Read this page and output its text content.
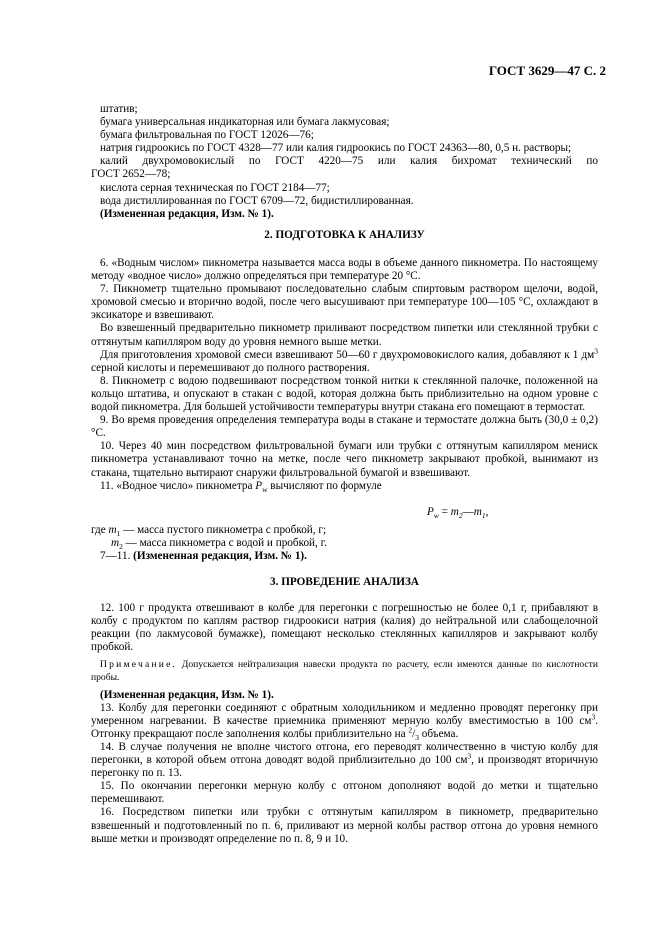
ГОСТ 3629—47 С. 2

штатив;

бумага универсальная индикаторная или бумага лакмусовая;

бумага фильтровальная по ГОСТ 12026—76;

натрия гидроокись по ГОСТ 4328—77 или калия гидроокись по ГОСТ 24363—80, 0,5 н. растворы;

калий двухромовокислый по ГОСТ 4220—75 или калия бихромат технический по

ГОСТ 2652—78;

кислота серная техническая по ГОСТ 2184—77;

вода дистиллированная по ГОСТ 6709—72, бидистиллированная.

(Измененная редакция, Изм. № 1).

2. ПОДГОТОВКА К АНАЛИЗУ

6. «Водным числом» пикнометра называется масса воды в объеме данного пикнометра. По настоящему методу «водное число» должно определяться при температуре 20 °С.

7. Пикнометр тщательно промывают последовательно слабым спиртовым раствором щелочи, водой, хромовой смесью и вторично водой, после чего высушивают при температуре 100—105 °С, охлаждают в эксикаторе и взвешивают.

Во взвешенный предварительно пикнометр приливают посредством пипетки или стеклянной трубки с оттянутым капилляром воду до уровня немного выше метки.

Для приготовления хромовой смеси взвешивают 50—60 г двухромовокислого калия, добавляют к 1 $дм^3$ серной кислоты и перемешивают до полного растворения.

8. Пикнометр с водою подвешивают посредством тонкой нитки к стеклянной палочке, положенной на кольцо штатива, и опускают в стакан с водой, которая должна быть приблизительно на одном уровне с водой пикнометра. Для большей устойчивости температуры внутри стакана его помещают в термостат.

9. Во время проведения определения температура воды в стакане и термостате должна быть (30,0 ± 0,2) °С.

10. Через 40 мин посредством фильтровальной бумаги или трубки с оттянутым капилляром мениск пикнометра устанавливают точно на метке, после чего пикнометр закрывают пробкой, вынимают из стакана, тщательно вытирают снаружи фильтровальной бумагой и взвешивают.

11. «Водное число» пикнометра $P_w$ вычисляют по формуле

$P_w$ = $m_2—m_1$,

где $m_1$ — масса пустого пикнометра с пробкой, г;

$m_2$ — масса пикнометра с водой и пробкой, г.

7—11. (Измененная редакция, Изм. № 1).

3. ПРОВЕДЕНИЕ АНАЛИЗА

12. 100 г продукта отвешивают в колбе для перегонки с погрешностью не более 0,1 г, прибавляют в колбу с продуктом по каплям раствор гидроокиси натрия (калия) до нейтральной или слабощелочной реакции (по лакмусовой бумажке), помещают несколько стеклянных капилляров и закрывают колбу пробкой.

Примечание. Допускается нейтрализация навески продукта по расчету, если имеются данные по кислотности пробы.

(Измененная редакция, Изм. № 1).

13. Колбу для перегонки соединяют с обратным холодильником и медленно проводят перегонку при умеренном нагревании. В качестве приемника применяют мерную колбу вместимостью в 100 $см^3$. Отгонку прекращают после заполнения колбы приблизительно на $^2/_3$ объема.

14. В случае получения не вполне чистого отгона, его переводят количественно в чистую колбу для перегонки, в которой объем отгона доводят водой приблизительно до 100 $см^3$, и производят вторичную перегонку по п. 13.

15. По окончании перегонки мерную колбу с отгоном дополняют водой до метки и тщательно перемешивают.

16. Посредством пипетки или трубки с оттянутым капилляром в пикнометр, предварительно взвешенный и подготовленный по п. 6, приливают из мерной колбы раствор отгона до уровня немного выше метки и производят определение по п. 8, 9 и 10.
